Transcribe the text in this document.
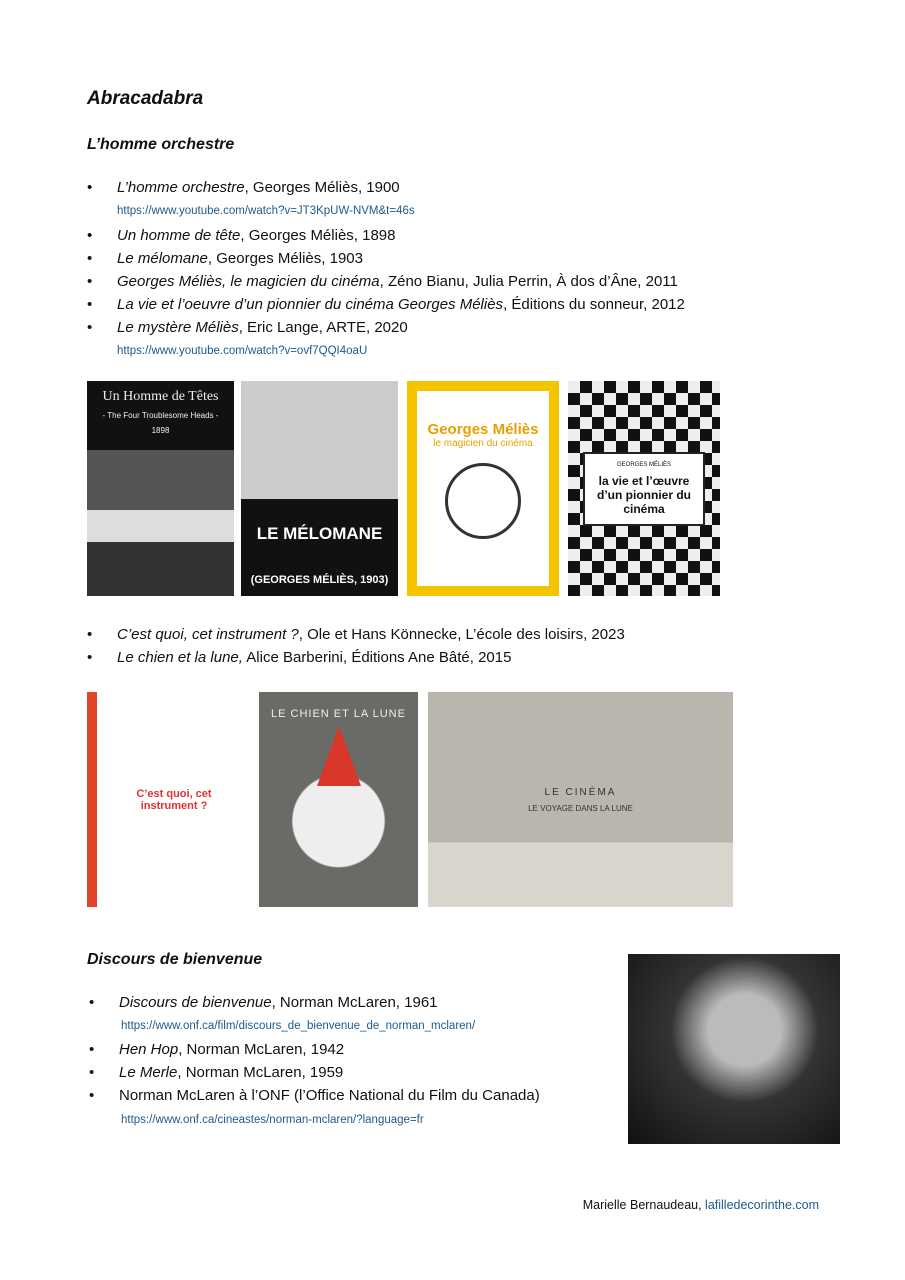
Abracadabra
L’homme orchestre
• L’homme orchestre, Georges Méliès, 1900
https://www.youtube.com/watch?v=JT3KpUW-NVM&t=46s
• Un homme de tête, Georges Méliès, 1898
• Le mélomane, Georges Méliès, 1903
• Georges Méliès, le magicien du cinéma, Zéno Bianu, Julia Perrin, À dos d’Âne, 2011
• La vie et l’oeuvre d’un pionnier du cinéma Georges Méliès, Éditions du sonneur, 2012
• Le mystère Méliès, Eric Lange, ARTE, 2020
https://www.youtube.com/watch?v=ovf7QQI4oaU
Un Homme de Têtes
- The Four Troublesome Heads -
1898
LE MÉLOMANE
(GEORGES MÉLIÈS, 1903)
Georges Méliès
le magicien du cinéma
GEORGES MÉLIÈS
la vie et l’œuvre d’un pionnier du cinéma
• C’est quoi, cet instrument ?, Ole et Hans Könnecke, L’école des loisirs, 2023
• Le chien et la lune, Alice Barberini, Éditions Ane Bâté, 2015
C’est quoi, cet instrument ?
LE CHIEN ET LA LUNE
LE CINÉMA
LE VOYAGE DANS LA LUNE
Discours de bienvenue
• Discours de bienvenue, Norman McLaren, 1961
https://www.onf.ca/film/discours_de_bienvenue_de_norman_mclaren/
• Hen Hop, Norman McLaren, 1942
• Le Merle, Norman McLaren, 1959
• Norman McLaren à l’ONF (l’Office National du Film du Canada)
https://www.onf.ca/cineastes/norman-mclaren/?language=fr
Marielle Bernaudeau, lafilledecorinthe.com
